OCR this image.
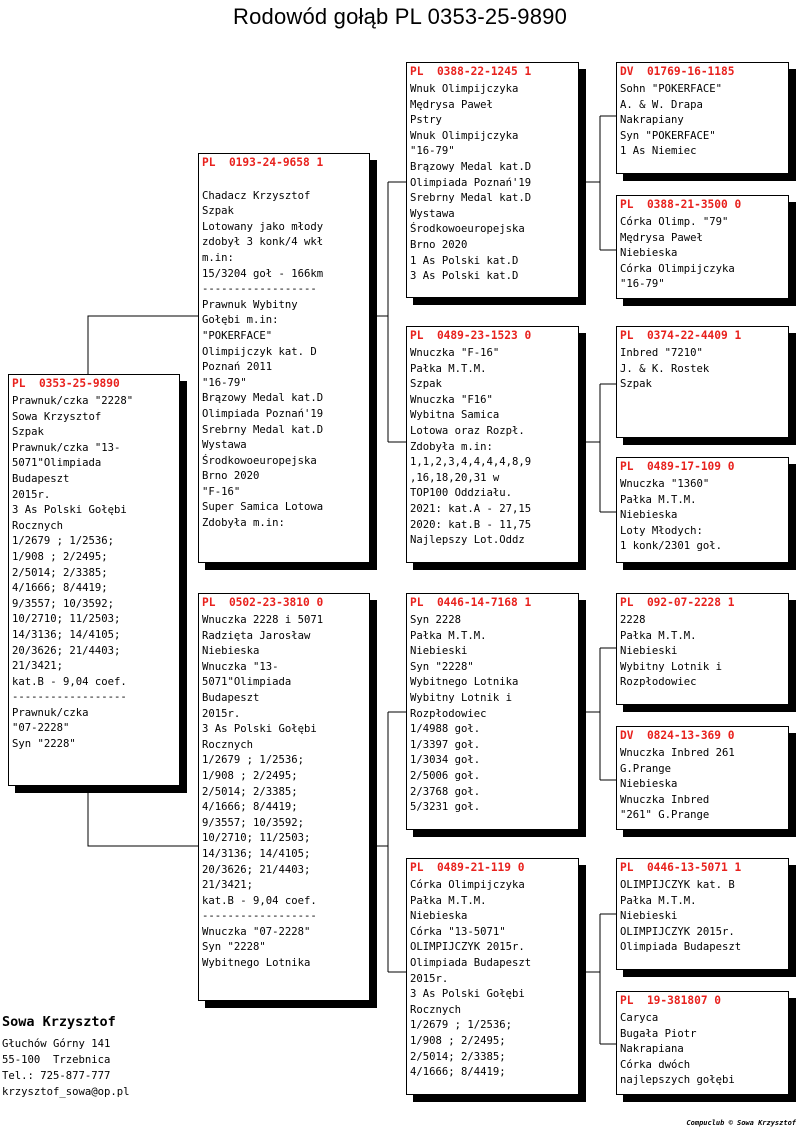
Rodowód gołąb PL 0353-25-9890
PL  0353-25-9890
Prawnuk/czka "2228"
Sowa Krzysztof
Szpak
Prawnuk/czka "13-
5071"Olimpiada
Budapeszt
2015r.
3 As Polski Gołębi
Rocznych
1/2679 ; 1/2536;
1/908 ; 2/2495;
2/5014; 2/3385;
4/1666; 8/4419;
9/3557; 10/3592;
10/2710; 11/2503;
14/3136; 14/4105;
20/3626; 21/4403;
21/3421;
kat.B - 9,04 coef.
------------------
Prawnuk/czka
"07-2228"
Syn "2228"
PL  0193-24-9658 1
Chadacz Krzysztof
Szpak
Lotowany jako młody
zdobył 3 konk/4 wkł
m.in:
15/3204 goł - 166km
------------------
Prawnuk Wybitny
Gołębi m.in:
"POKERFACE"
Olimpijczyk kat. D
Poznań 2011
"16-79"
Brązowy Medal kat.D
Olimpiada Poznań'19
Srebrny Medal kat.D
Wystawa
Środkowoeuropejska
Brno 2020
"F-16"
Super Samica Lotowa
Zdobyła m.in:
PL  0502-23-3810 0
Wnuczka 2228 i 5071
Radzięta Jarosław
Niebieska
Wnuczka "13-
5071"Olimpiada
Budapeszt
2015r.
3 As Polski Gołębi
Rocznych
1/2679 ; 1/2536;
1/908 ; 2/2495;
2/5014; 2/3385;
4/1666; 8/4419;
9/3557; 10/3592;
10/2710; 11/2503;
14/3136; 14/4105;
20/3626; 21/4403;
21/3421;
kat.B - 9,04 coef.
------------------
Wnuczka "07-2228"
Syn "2228"
Wybitnego Lotnika
PL  0388-22-1245 1
Wnuk Olimpijczyka
Mędrysa Paweł
Pstry
Wnuk Olimpijczyka
"16-79"
Brązowy Medal kat.D
Olimpiada Poznań'19
Srebrny Medal kat.D
Wystawa
Środkowoeuropejska
Brno 2020
1 As Polski kat.D
3 As Polski kat.D
PL  0489-23-1523 0
Wnuczka "F-16"
Pałka M.T.M.
Szpak
Wnuczka "F16"
Wybitna Samica
Lotowa oraz Rozpł.
Zdobyła m.in:
1,1,2,3,4,4,4,4,8,9
,16,18,20,31 w
TOP100 Oddziału.
2021: kat.A - 27,15
2020: kat.B - 11,75
Najlepszy Lot.Oddz
PL  0446-14-7168 1
Syn 2228
Pałka M.T.M.
Niebieski
Syn "2228"
Wybitnego Lotnika
Wybitny Lotnik i
Rozpłodowiec
1/4988 goł.
1/3397 goł.
1/3034 goł.
2/5006 goł.
2/3768 goł.
5/3231 goł.
PL  0489-21-119 0
Córka Olimpijczyka
Pałka M.T.M.
Niebieska
Córka "13-5071"
OLIMPIJCZYK 2015r.
Olimpiada Budapeszt
2015r.
3 As Polski Gołębi
Rocznych
1/2679 ; 1/2536;
1/908 ; 2/2495;
2/5014; 2/3385;
4/1666; 8/4419;
DV  01769-16-1185
Sohn "POKERFACE"
A. & W. Drapa
Nakrapiany
Syn "POKERFACE"
1 As Niemiec
PL  0388-21-3500 0
Córka Olimp. "79"
Mędrysa Paweł
Niebieska
Córka Olimpijczyka
"16-79"
PL  0374-22-4409 1
Inbred "7210"
J. & K. Rostek
Szpak
PL  0489-17-109 0
Wnuczka "1360"
Pałka M.T.M.
Niebieska
Loty Młodych:
1 konk/2301 goł.
PL  092-07-2228 1
2228
Pałka M.T.M.
Niebieski
Wybitny Lotnik i
Rozpłodowiec
DV  0824-13-369 0
Wnuczka Inbred 261
G.Prange
Niebieska
Wnuczka Inbred
"261" G.Prange
PL  0446-13-5071 1
OLIMPIJCZYK kat. B
Pałka M.T.M.
Niebieski
OLIMPIJCZYK 2015r.
Olimpiada Budapeszt
PL  19-381807 0
Caryca
Bugała Piotr
Nakrapiana
Córka dwóch
najlepszych gołębi
Sowa Krzysztof
Głuchów Górny 141
55-100  Trzebnica
Tel.: 725-877-777
krzysztof_sowa@op.pl
Compuclub © Sowa Krzysztof
